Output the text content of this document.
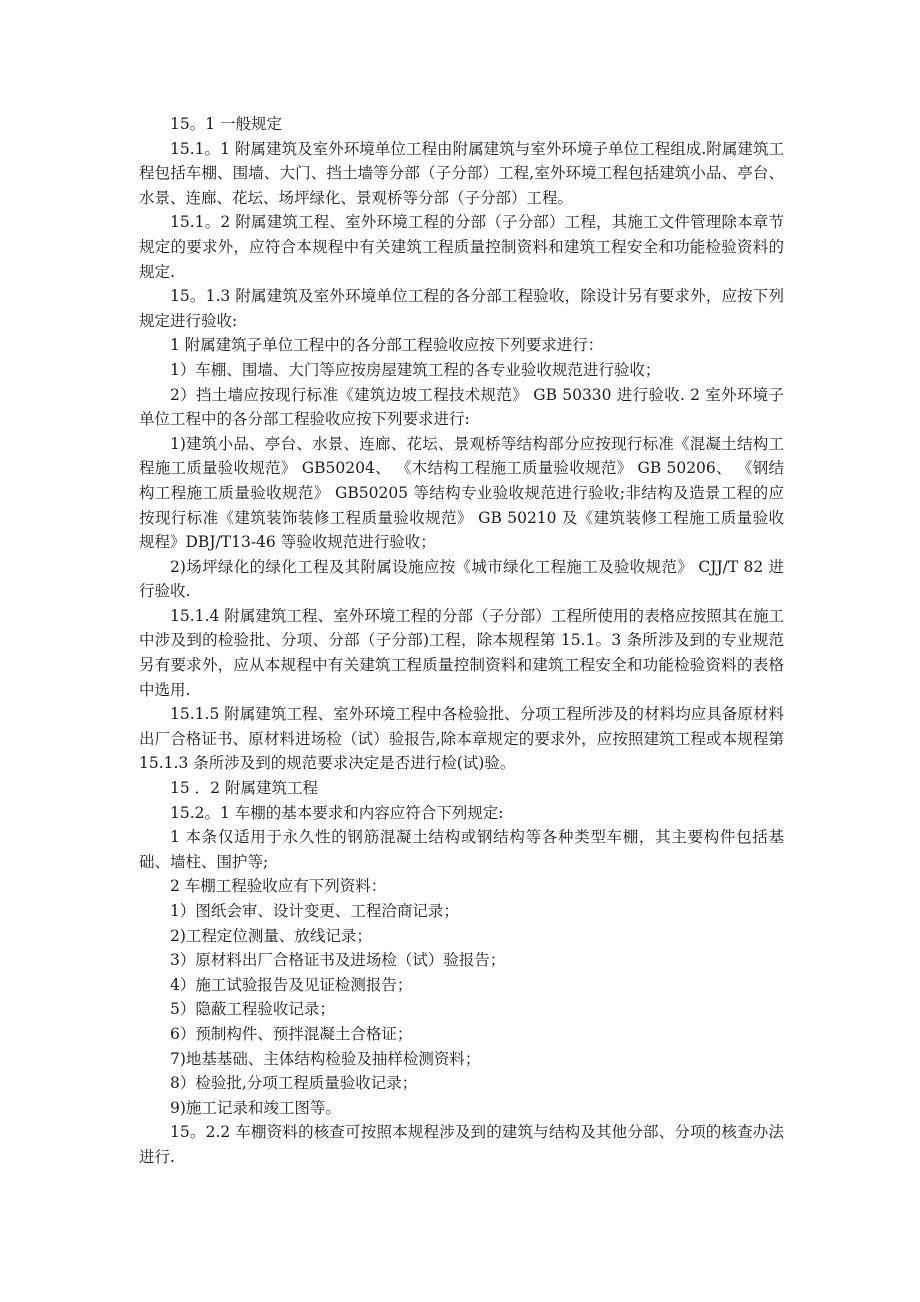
15。1 一般规定

15.1。1 附属建筑及室外环境单位工程由附属建筑与室外环境子单位工程组成.附属建筑工程包括车棚、围墙、大门、挡土墙等分部（子分部）工程,室外环境工程包括建筑小品、亭台、水景、连廊、花坛、场坪绿化、景观桥等分部（子分部）工程。

15.1。2 附属建筑工程、室外环境工程的分部（子分部）工程，其施工文件管理除本章节规定的要求外，应符合本规程中有关建筑工程质量控制资料和建筑工程安全和功能检验资料的规定.

15。1.3 附属建筑及室外环境单位工程的各分部工程验收，除设计另有要求外，应按下列规定进行验收:

1 附属建筑子单位工程中的各分部工程验收应按下列要求进行：

1）车棚、围墙、大门等应按房屋建筑工程的各专业验收规范进行验收；

2）挡土墙应按现行标准《建筑边坡工程技术规范》 GB 50330 进行验收. 2 室外环境子单位工程中的各分部工程验收应按下列要求进行:

1)建筑小品、亭台、水景、连廊、花坛、景观桥等结构部分应按现行标准《混凝土结构工程施工质量验收规范》 GB50204、 《木结构工程施工质量验收规范》 GB 50206、 《钢结构工程施工质量验收规范》 GB50205 等结构专业验收规范进行验收;非结构及造景工程的应按现行标准《建筑装饰装修工程质量验收规范》 GB 50210 及《建筑装修工程施工质量验收规程》DBJ/T13-46 等验收规范进行验收；

2)场坪绿化的绿化工程及其附属设施应按《城市绿化工程施工及验收规范》 CJJ/T 82 进行验收.

15.1.4 附属建筑工程、室外环境工程的分部（子分部）工程所使用的表格应按照其在施工中涉及到的检验批、分项、分部（子分部)工程，除本规程第 15.1。3 条所涉及到的专业规范另有要求外，应从本规程中有关建筑工程质量控制资料和建筑工程安全和功能检验资料的表格中选用.

15.1.5 附属建筑工程、室外环境工程中各检验批、分项工程所涉及的材料均应具备原材料出厂合格证书、原材料进场检（试）验报告,除本章规定的要求外，应按照建筑工程或本规程第 15.1.3 条所涉及到的规范要求决定是否进行检(试)验。

15 ．2 附属建筑工程

15.2。1 车棚的基本要求和内容应符合下列规定:

1 本条仅适用于永久性的钢筋混凝土结构或钢结构等各种类型车棚，其主要构件包括基础、墙柱、围护等;

2 车棚工程验收应有下列资料：

1）图纸会审、设计变更、工程洽商记录；

2)工程定位测量、放线记录；

3）原材料出厂合格证书及进场检（试）验报告；

4）施工试验报告及见证检测报告；

5）隐蔽工程验收记录；

6）预制构件、预拌混凝土合格证；

7)地基基础、主体结构检验及抽样检测资料；

8）检验批,分项工程质量验收记录；

9)施工记录和竣工图等。

15。2.2 车棚资料的核查可按照本规程涉及到的建筑与结构及其他分部、分项的核查办法进行.
